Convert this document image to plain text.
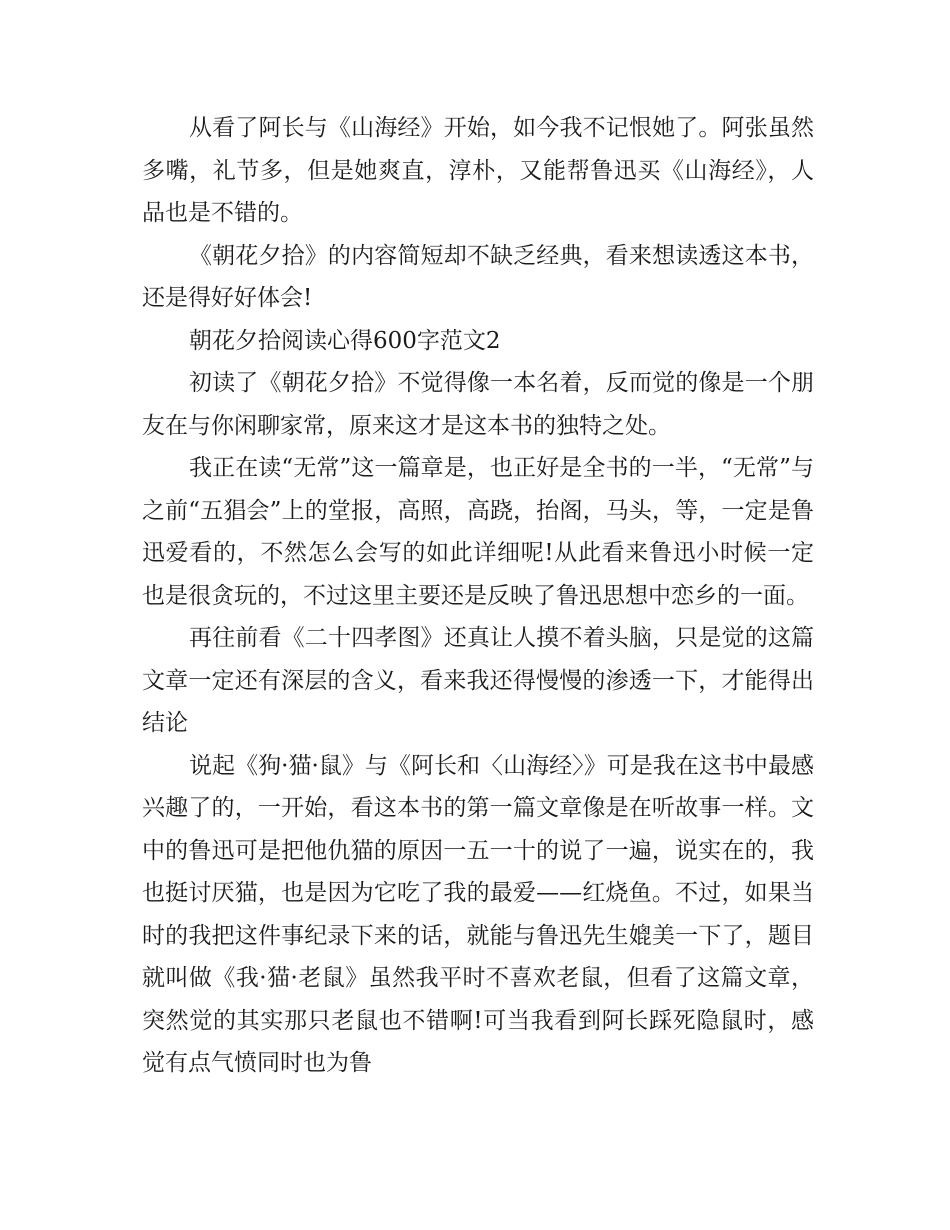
从看了阿长与《山海经》开始，如今我不记恨她了。阿张虽然多嘴，礼节多，但是她爽直，淳朴，又能帮鲁迅买《山海经》，人品也是不错的。

《朝花夕拾》的内容简短却不缺乏经典，看来想读透这本书，还是得好好体会!

朝花夕拾阅读心得600字范文2

初读了《朝花夕拾》不觉得像一本名着，反而觉的像是一个朋友在与你闲聊家常，原来这才是这本书的独特之处。

我正在读“无常”这一篇章是，也正好是全书的一半，“无常”与之前“五猖会”上的堂报，高照，高跷，抬阁，马头，等，一定是鲁迅爱看的，不然怎么会写的如此详细呢!从此看来鲁迅小时候一定也是很贪玩的，不过这里主要还是反映了鲁迅思想中恋乡的一面。

再往前看《二十四孝图》还真让人摸不着头脑，只是觉的这篇文章一定还有深层的含义，看来我还得慢慢的渗透一下，才能得出结论

说起《狗·猫·鼠》与《阿长和〈山海经〉》可是我在这书中最感兴趣了的，一开始，看这本书的第一篇文章像是在听故事一样。文中的鲁迅可是把他仇猫的原因一五一十的说了一遍，说实在的，我也挺讨厌猫，也是因为它吃了我的最爱——红烧鱼。不过，如果当时的我把这件事纪录下来的话，就能与鲁迅先生媲美一下了，题目就叫做《我·猫·老鼠》虽然我平时不喜欢老鼠，但看了这篇文章，突然觉的其实那只老鼠也不错啊!可当我看到阿长踩死隐鼠时，感觉有点气愤同时也为鲁
